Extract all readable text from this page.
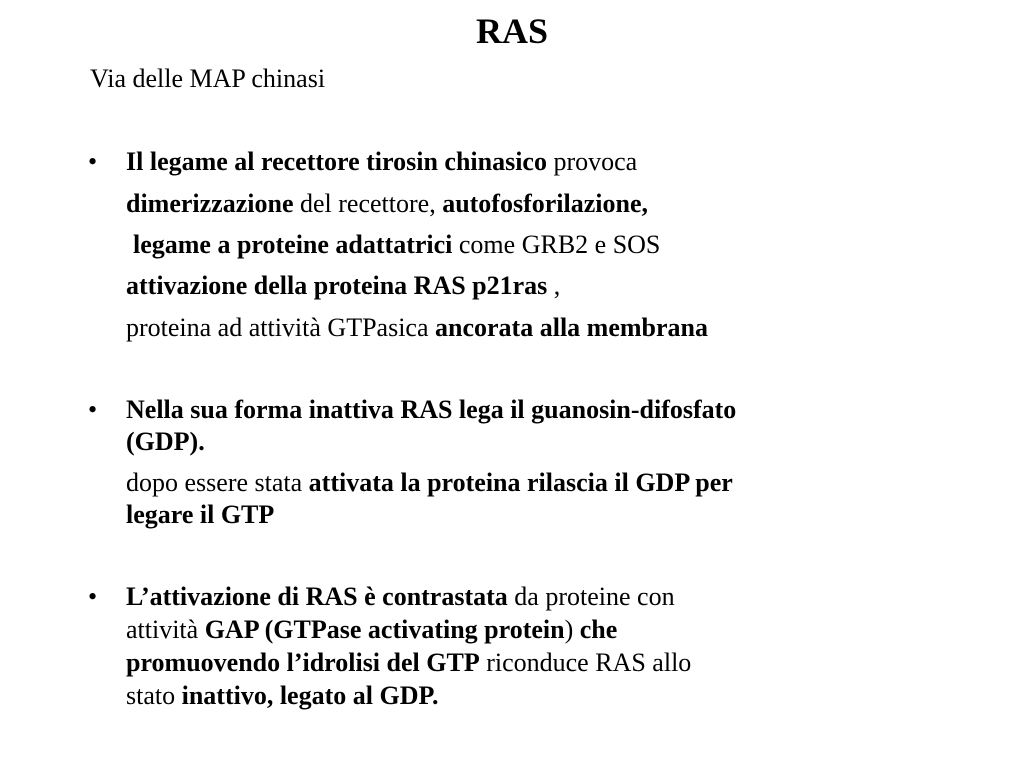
RAS
Via delle MAP chinasi
• Il legame al recettore tirosin chinasico provoca
dimerizzazione del recettore, autofosforilazione,
legame a proteine adattatrici come GRB2 e SOS
attivazione della proteina RAS p21ras ,
proteina ad attività GTPasica ancorata alla membrana
• Nella sua forma inattiva RAS lega il guanosin-difosfato
(GDP).
dopo essere stata attivata la proteina rilascia il GDP per
legare il GTP
• L’attivazione di RAS è contrastata da proteine con
attività GAP (GTPase activating protein) che
promuovendo l’idrolisi del GTP riconduce RAS allo
stato inattivo, legato al GDP.
